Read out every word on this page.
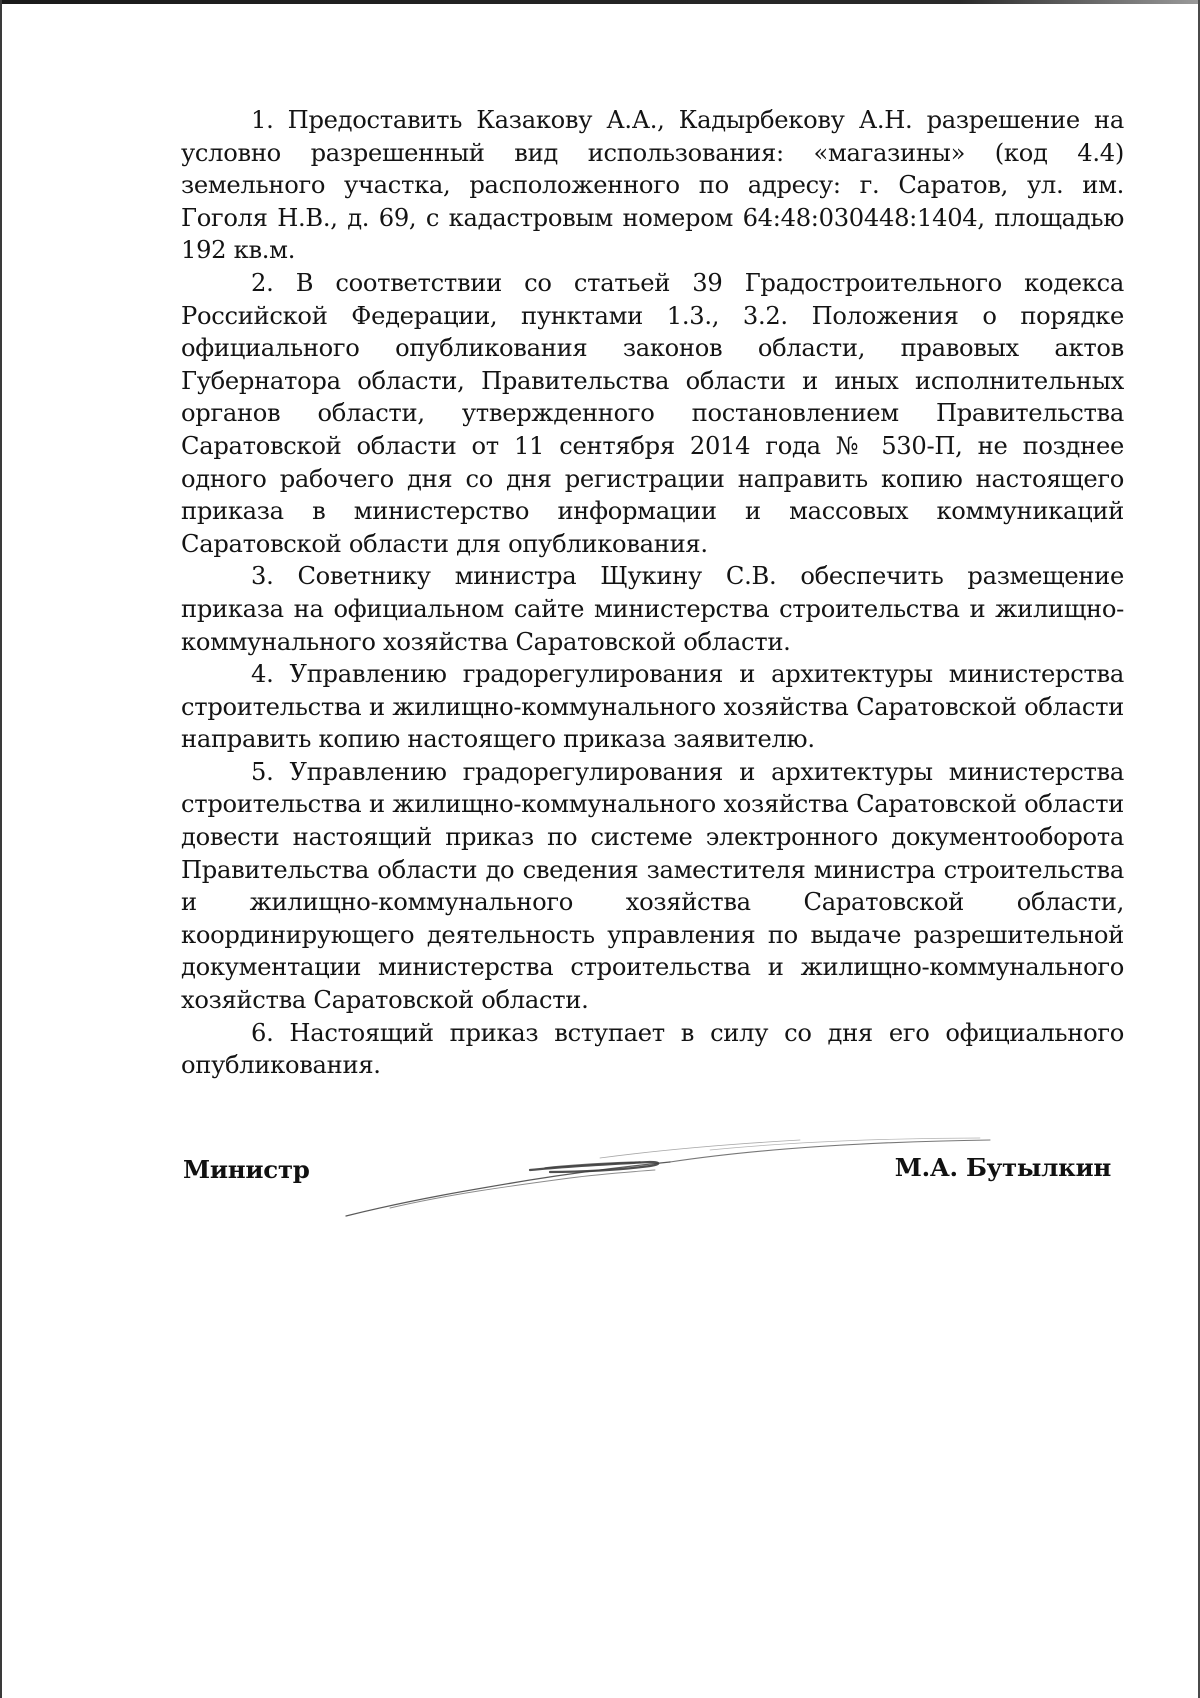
1. Предоставить Казакову А.А., Кадырбекову А.Н. разрешение на условно разрешенный вид использования: «магазины» (код 4.4) земельного участка, расположенного по адресу: г. Саратов, ул. им. Гоголя Н.В., д. 69, с кадастровым номером 64:48:030448:1404, площадью 192 кв.м.

2. В соответствии со статьей 39 Градостроительного кодекса Российской Федерации, пунктами 1.3., 3.2. Положения о порядке официального опубликования законов области, правовых актов Губернатора области, Правительства области и иных исполнительных органов области, утвержденного постановлением Правительства Саратовской области от 11 сентября 2014 года № 530-П, не позднее одного рабочего дня со дня регистрации направить копию настоящего приказа в министерство информации и массовых коммуникаций Саратовской области для опубликования.

3. Советнику министра Щукину С.В. обеспечить размещение приказа на официальном сайте министерства строительства и жилищно-коммунального хозяйства Саратовской области.

4. Управлению градорегулирования и архитектуры министерства строительства и жилищно-коммунального хозяйства Саратовской области направить копию настоящего приказа заявителю.

5. Управлению градорегулирования и архитектуры министерства строительства и жилищно-коммунального хозяйства Саратовской области довести настоящий приказ по системе электронного документооборота Правительства области до сведения заместителя министра строительства и жилищно-коммунального хозяйства Саратовской области, координирующего деятельность управления по выдаче разрешительной документации министерства строительства и жилищно-коммунального хозяйства Саратовской области.

6. Настоящий приказ вступает в силу со дня его официального опубликования.

Министр	М.А. Бутылкин
